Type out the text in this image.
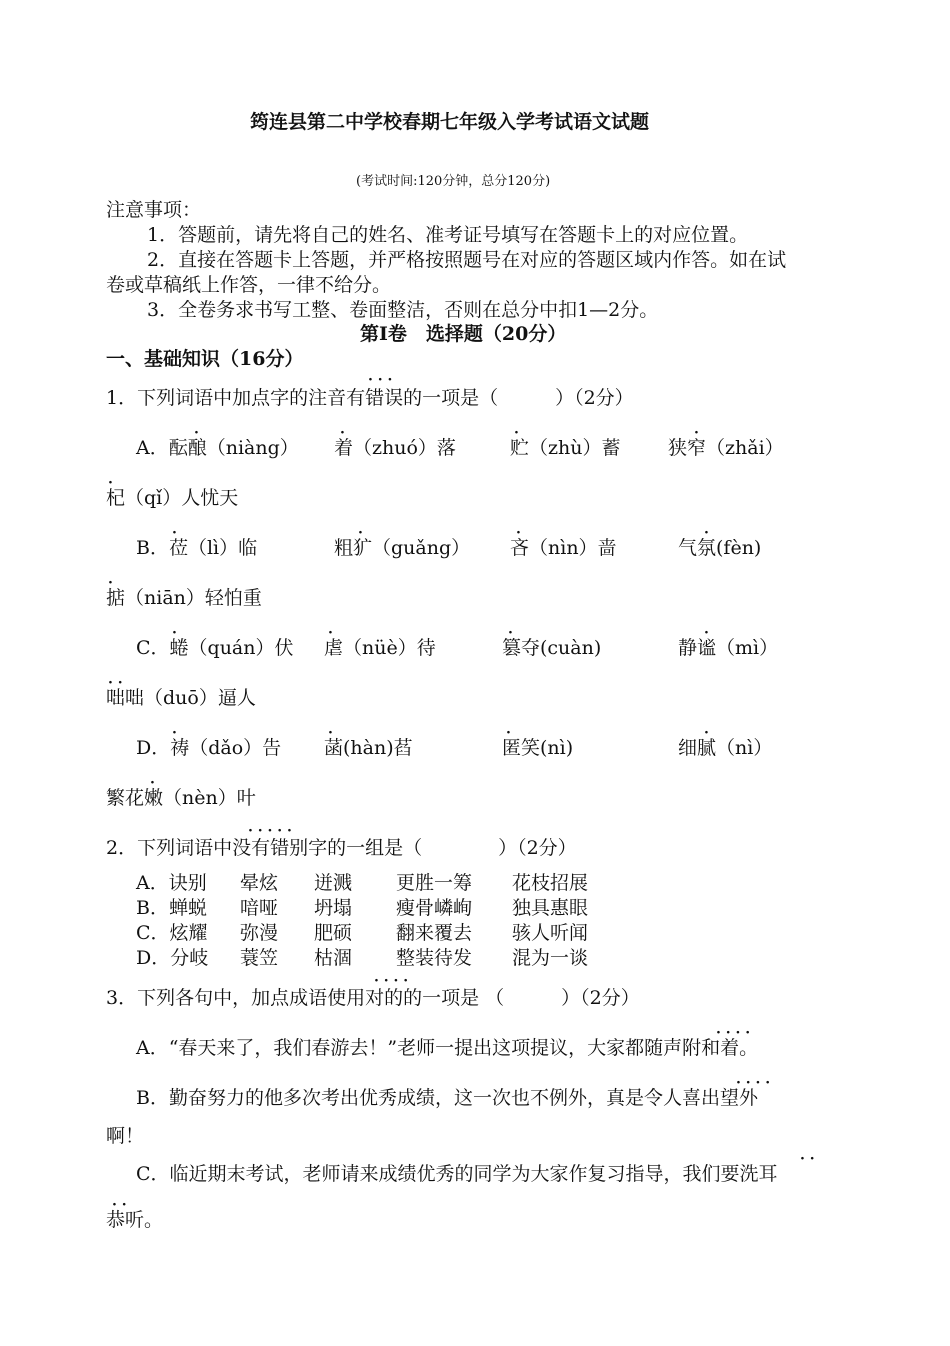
筠连县第二中学校春期七年级入学考试语文试题
(考试时间:120分钟，总分120分)
注意事项：
1．答题前，请先将自己的姓名、准考证号填写在答题卡上的对应位置。
2．直接在答题卡上答题，并严格按照题号在对应的答题区域内作答。如在试
卷或草稿纸上作答，一律不给分。
3．全卷务求书写工整、卷面整洁，否则在总分中扣1—2分。
第Ⅰ卷　选择题（20分）
一、基础知识（16分）
· · ·
1．下列词语中加点字的注音有错误的一项是（　　　）（2分）
·	·	·	·
A．酝酿（niàng） 着（zhuó）落	贮（zhù）蓄	狭窄（zhǎi）
·
杞（qǐ）人忧天
·	·	·	·
B．莅（lì）临	粗犷（guǎng） 吝（nìn）啬	气氛(fèn)
·
掂（niān）轻怕重
·	·	·	·
C．蜷（quán）伏 虐（nüè）待	篡夺(cuàn)	静谧（mì）
· ·
咄咄（duō）逼人
·	·	·	·
D．祷（dǎo）告 菡(hàn)萏	匿笑(nì)	细腻（nì）
·
繁花嫩（nèn）叶
· · · · ·
2．下列词语中没有错别字的一组是（　　　　）（2分）
A．诀别 晕炫 迸溅 更胜一筹 花枝招展
B．蝉蜕 喑哑 坍塌 瘦骨嶙峋 独具惠眼
C．炫耀 弥漫 肥硕 翻来覆去 骇人听闻
D．分岐 蓑笠 枯涸 整装待发 混为一谈
· · · ·
3．下列各句中，加点成语使用对的的一项是 （　　　）（2分）
· · · ·
A．“春天来了，我们春游去！”老师一提出这项提议，大家都随声附和着。
· · · ·
B．勤奋努力的他多次考出优秀成绩，这一次也不例外，真是令人喜出望外
啊！
· ·
C．临近期末考试，老师请来成绩优秀的同学为大家作复习指导，我们要洗耳
· ·
恭听。
